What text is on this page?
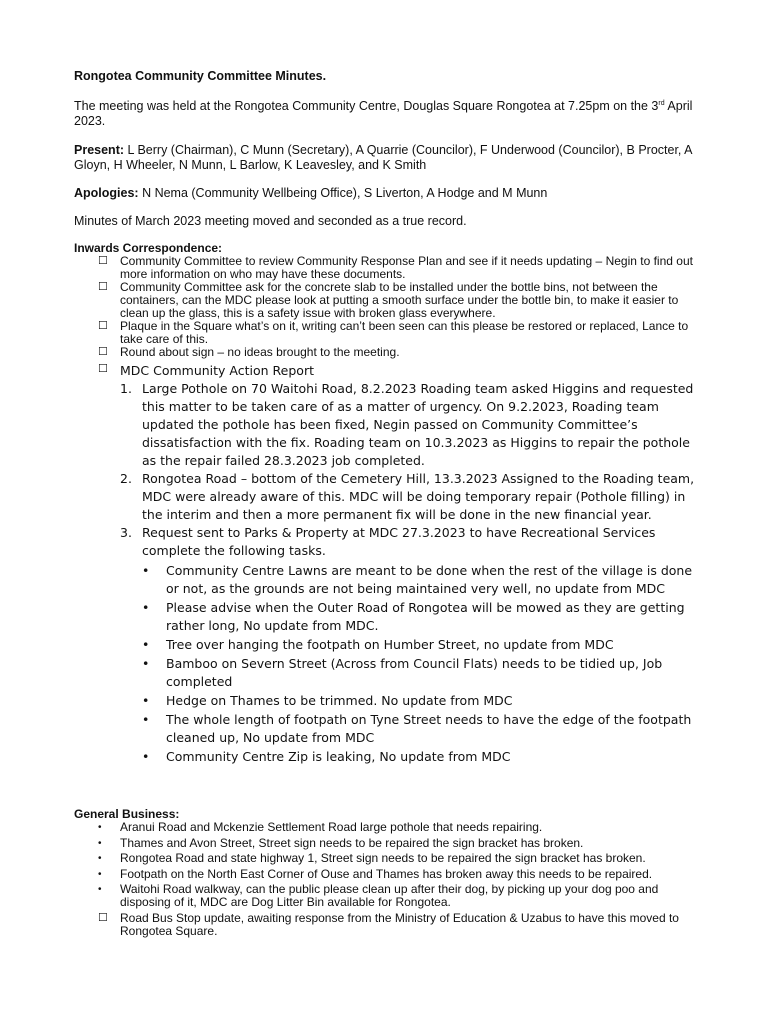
Rongotea Community Committee Minutes.

The meeting was held at the Rongotea Community Centre, Douglas Square Rongotea at 7.25pm on the 3rd April 2023.

Present: L Berry (Chairman), C Munn (Secretary), A Quarrie (Councilor), F Underwood (Councilor), B Procter, A Gloyn, H Wheeler, N Munn, L Barlow, K Leavesley, and K Smith

Apologies: N Nema (Community Wellbeing Office), S Liverton, A Hodge and M Munn

Minutes of March 2023 meeting moved and seconded as a true record.

Inwards Correspondence:
☐ Community Committee to review Community Response Plan and see if it needs updating – Negin to find out more information on who may have these documents.
☐ Community Committee ask for the concrete slab to be installed under the bottle bins, not between the containers, can the MDC please look at putting a smooth surface under the bottle bin, to make it easier to clean up the glass, this is a safety issue with broken glass everywhere.
☐ Plaque in the Square what’s on it, writing can’t been seen can this please be restored or replaced, Lance to take care of this.
☐ Round about sign – no ideas brought to the meeting.
☐ MDC Community Action Report
1. Large Pothole on 70 Waitohi Road, 8.2.2023 Roading team asked Higgins and requested this matter to be taken care of as a matter of urgency. On 9.2.2023, Roading team updated the pothole has been fixed, Negin passed on Community Committee’s dissatisfaction with the fix. Roading team on 10.3.2023 as Higgins to repair the pothole as the repair failed 28.3.2023 job completed.
2. Rongotea Road – bottom of the Cemetery Hill, 13.3.2023 Assigned to the Roading team, MDC were already aware of this. MDC will be doing temporary repair (Pothole filling) in the interim and then a more permanent fix will be done in the new financial year.
3. Request sent to Parks & Property at MDC 27.3.2023 to have Recreational Services complete the following tasks.
• Community Centre Lawns are meant to be done when the rest of the village is done or not, as the grounds are not being maintained very well, no update from MDC
• Please advise when the Outer Road of Rongotea will be mowed as they are getting rather long, No update from MDC.
• Tree over hanging the footpath on Humber Street, no update from MDC
• Bamboo on Severn Street (Across from Council Flats) needs to be tidied up, Job completed
• Hedge on Thames to be trimmed. No update from MDC
• The whole length of footpath on Tyne Street needs to have the edge of the footpath cleaned up, No update from MDC
• Community Centre Zip is leaking, No update from MDC
General Business:
• Aranui Road and Mckenzie Settlement Road large pothole that needs repairing.
• Thames and Avon Street, Street sign needs to be repaired the sign bracket has broken.
• Rongotea Road and state highway 1, Street sign needs to be repaired the sign bracket has broken.
• Footpath on the North East Corner of Ouse and Thames has broken away this needs to be repaired.
• Waitohi Road walkway, can the public please clean up after their dog, by picking up your dog poo and disposing of it, MDC are Dog Litter Bin available for Rongotea.
☐ Road Bus Stop update, awaiting response from the Ministry of Education & Uzabus to have this moved to Rongotea Square.
